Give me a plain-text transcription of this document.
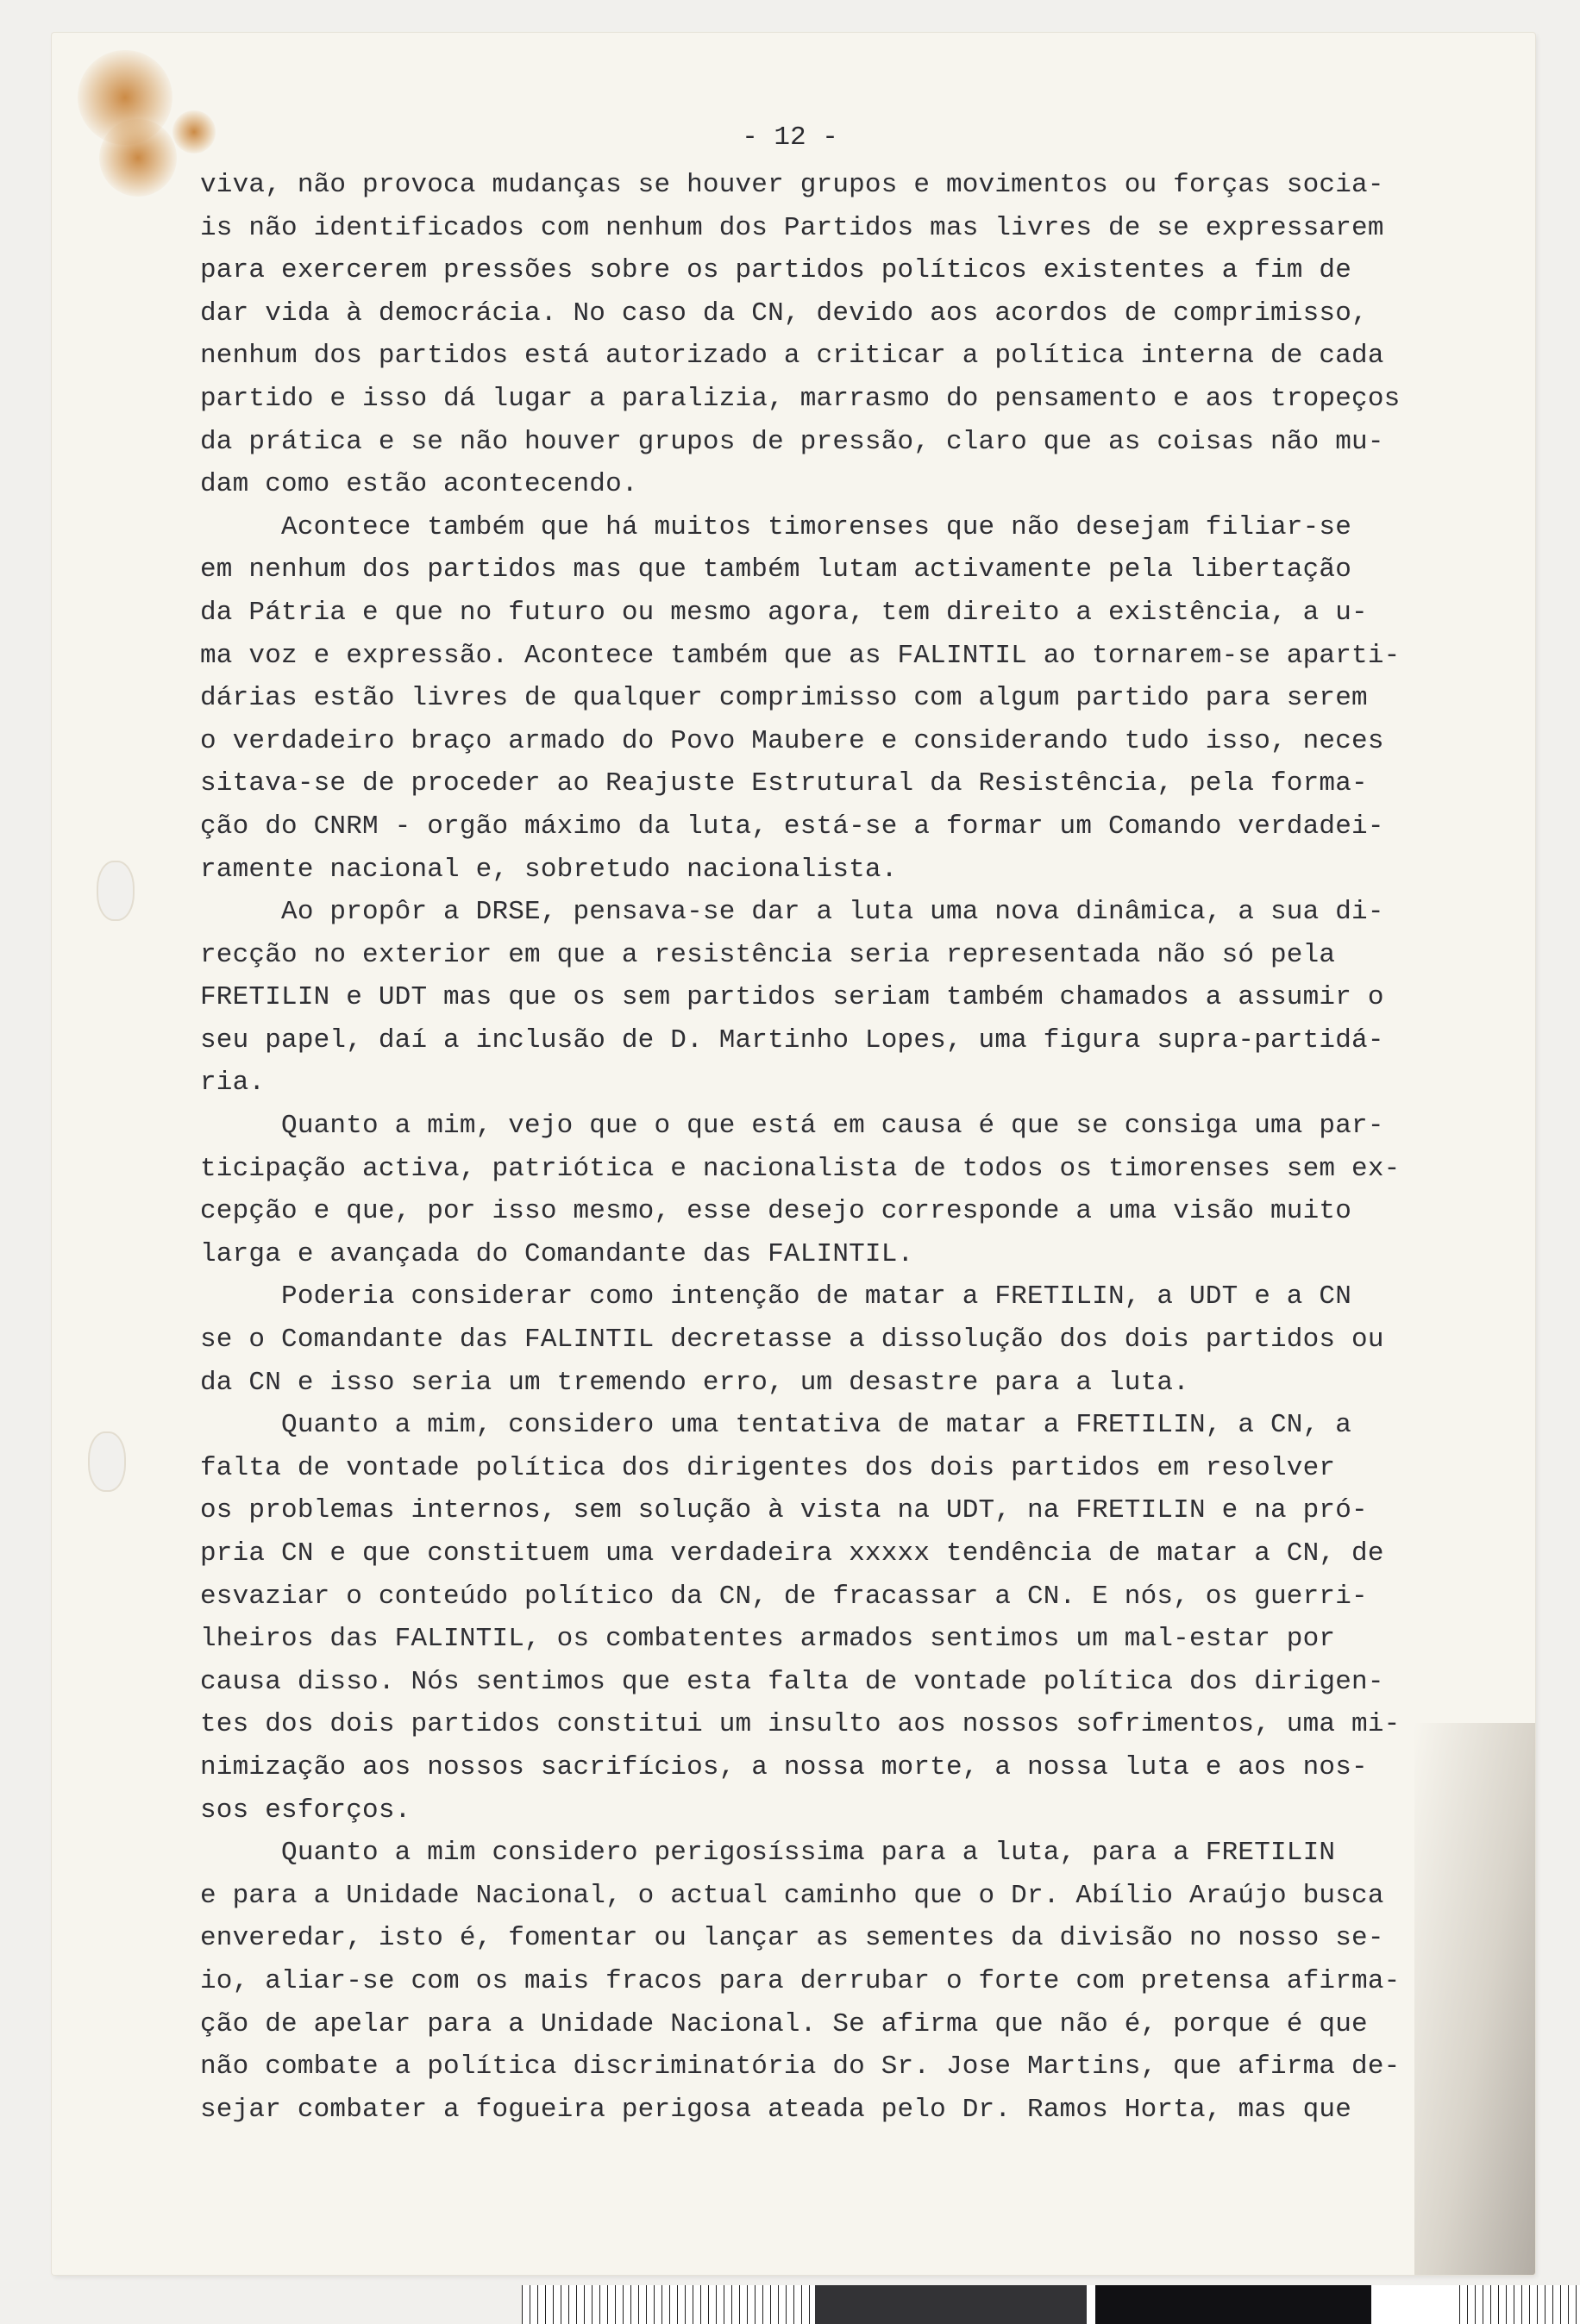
- 12 -
viva, não provoca mudanças se houver grupos e movimentos ou forças socia-
is não identificados com nenhum dos Partidos mas livres de se expressarem
para exercerem pressões sobre os partidos políticos existentes a fim de
dar vida à democrácia. No caso da CN, devido aos acordos de comprimisso,
nenhum dos partidos está autorizado a criticar a política interna de cada
partido e isso dá lugar a paralizia, marrasmo do pensamento e aos tropeços
da prática e se não houver grupos de pressão, claro que as coisas não mu-
dam como estão acontecendo.
Acontece também que há muitos timorenses que não desejam filiar-se
em nenhum dos partidos mas que também lutam activamente pela libertação
da Pátria e que no futuro ou mesmo agora, tem direito a existência, a u-
ma voz e expressão. Acontece também que as FALINTIL ao tornarem-se aparti-
dárias estão livres de qualquer comprimisso com algum partido para serem
o verdadeiro braço armado do Povo Maubere e considerando tudo isso, neces
sitava-se de proceder ao Reajuste Estrutural da Resistência, pela forma-
ção do CNRM - orgão máximo da luta, está-se a formar um Comando verdadei-
ramente nacional e, sobretudo nacionalista.
Ao propôr a DRSE, pensava-se dar a luta uma nova dinâmica, a sua di-
recção no exterior em que a resistência seria representada não só pela
FRETILIN e UDT mas que os sem partidos seriam também chamados a assumir o
seu papel, daí a inclusão de D. Martinho Lopes, uma figura supra-partidá-
ria.
Quanto a mim, vejo que o que está em causa é que se consiga uma par-
ticipação activa, patriótica e nacionalista de todos os timorenses sem ex-
cepção e que, por isso mesmo, esse desejo corresponde a uma visão muito
larga e avançada do Comandante das FALINTIL.
Poderia considerar como intenção de matar a FRETILIN, a UDT e a CN
se o Comandante das FALINTIL decretasse a dissolução dos dois partidos ou
da CN e isso seria um tremendo erro, um desastre para a luta.
Quanto a mim, considero uma tentativa de matar a FRETILIN, a CN, a
falta de vontade política dos dirigentes dos dois partidos em resolver
os problemas internos, sem solução à vista na UDT, na FRETILIN e na pró-
pria CN e que constituem uma verdadeira xxxxx tendência de matar a CN, de
esvaziar o conteúdo político da CN, de fracassar a CN. E nós, os guerri-
lheiros das FALINTIL, os combatentes armados sentimos um mal-estar por
causa disso. Nós sentimos que esta falta de vontade política dos dirigen-
tes dos dois partidos constitui um insulto aos nossos sofrimentos, uma mi-
nimização aos nossos sacrifícios, a nossa morte, a nossa luta e aos nos-
sos esforços.
Quanto a mim considero perigosíssima para a luta, para a FRETILIN
e para a Unidade Nacional, o actual caminho que o Dr. Abílio Araújo busca
enveredar, isto é, fomentar ou lançar as sementes da divisão no nosso se-
io, aliar-se com os mais fracos para derrubar o forte com pretensa afirma-
ção de apelar para a Unidade Nacional. Se afirma que não é, porque é que
não combate a política discriminatória do Sr. Jose Martins, que afirma de-
sejar combater a fogueira perigosa ateada pelo Dr. Ramos Horta, mas que
